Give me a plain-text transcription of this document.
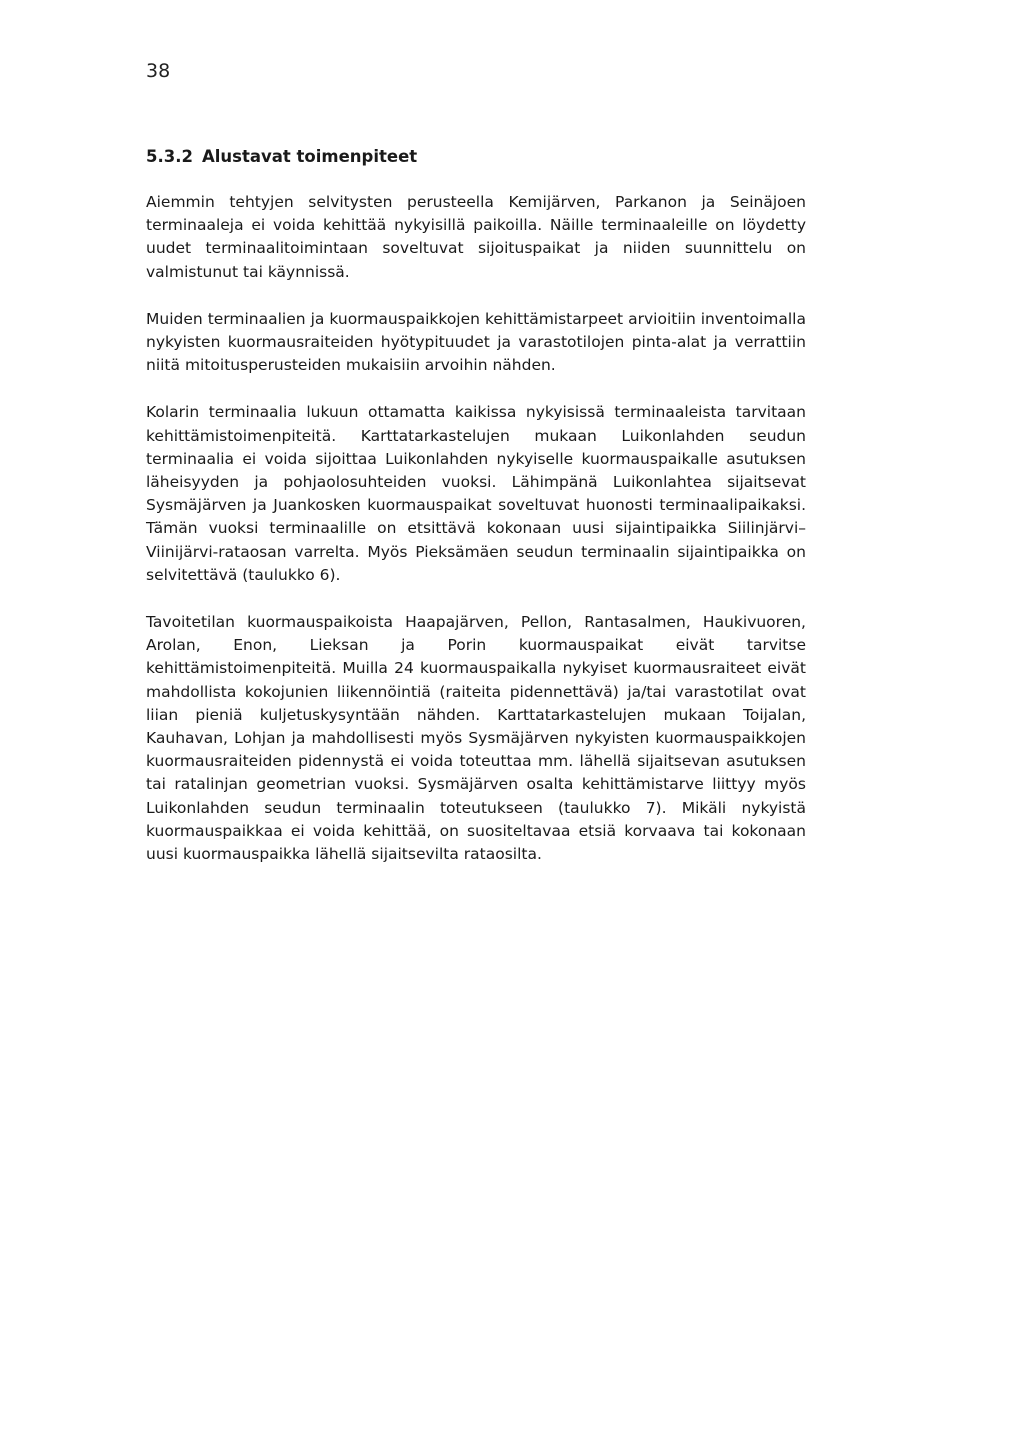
38
5.3.2 Alustavat toimenpiteet

Aiemmin tehtyjen selvitysten perusteella Kemijärven, Parkanon ja Seinäjoen terminaaleja ei voida kehittää nykyisillä paikoilla. Näille terminaaleille on löydetty uudet terminaalitoimintaan soveltuvat sijoituspaikat ja niiden suunnittelu on valmistunut tai käynnissä.

Muiden terminaalien ja kuormauspaikkojen kehittämistarpeet arvioitiin inventoimalla nykyisten kuormausraiteiden hyötypituudet ja varastotilojen pinta-alat ja verrattiin niitä mitoitusperusteiden mukaisiin arvoihin nähden.

Kolarin terminaalia lukuun ottamatta kaikissa nykyisissä terminaaleista tarvitaan kehittämistoimenpiteitä. Karttatarkastelujen mukaan Luikonlahden seudun terminaalia ei voida sijoittaa Luikonlahden nykyiselle kuormauspaikalle asutuksen läheisyyden ja pohjaolosuhteiden vuoksi. Lähimpänä Luikonlahtea sijaitsevat Sysmäjärven ja Juankosken kuormauspaikat soveltuvat huonosti terminaalipaikaksi. Tämän vuoksi terminaalille on etsittävä kokonaan uusi sijaintipaikka Siilinjärvi–Viinijärvi-rataosan varrelta. Myös Pieksämäen seudun terminaalin sijaintipaikka on selvitettävä (taulukko 6).

Tavoitetilan kuormauspaikoista Haapajärven, Pellon, Rantasalmen, Haukivuoren, Arolan, Enon, Lieksan ja Porin kuormauspaikat eivät tarvitse kehittämistoimenpiteitä. Muilla 24 kuormauspaikalla nykyiset kuormausraiteet eivät mahdollista kokojunien liikennöintiä (raiteita pidennettävä) ja/tai varastotilat ovat liian pieniä kuljetuskysyntään nähden. Karttatarkastelujen mukaan Toijalan, Kauhavan, Lohjan ja mahdollisesti myös Sysmäjärven nykyisten kuormauspaikkojen kuormausraiteiden pidennystä ei voida toteuttaa mm. lähellä sijaitsevan asutuksen tai ratalinjan geometrian vuoksi. Sysmäjärven osalta kehittämistarve liittyy myös Luikonlahden seudun terminaalin toteutukseen (taulukko 7). Mikäli nykyistä kuormauspaikkaa ei voida kehittää, on suositeltavaa etsiä korvaava tai kokonaan uusi kuormauspaikka lähellä sijaitsevilta rataosilta.
